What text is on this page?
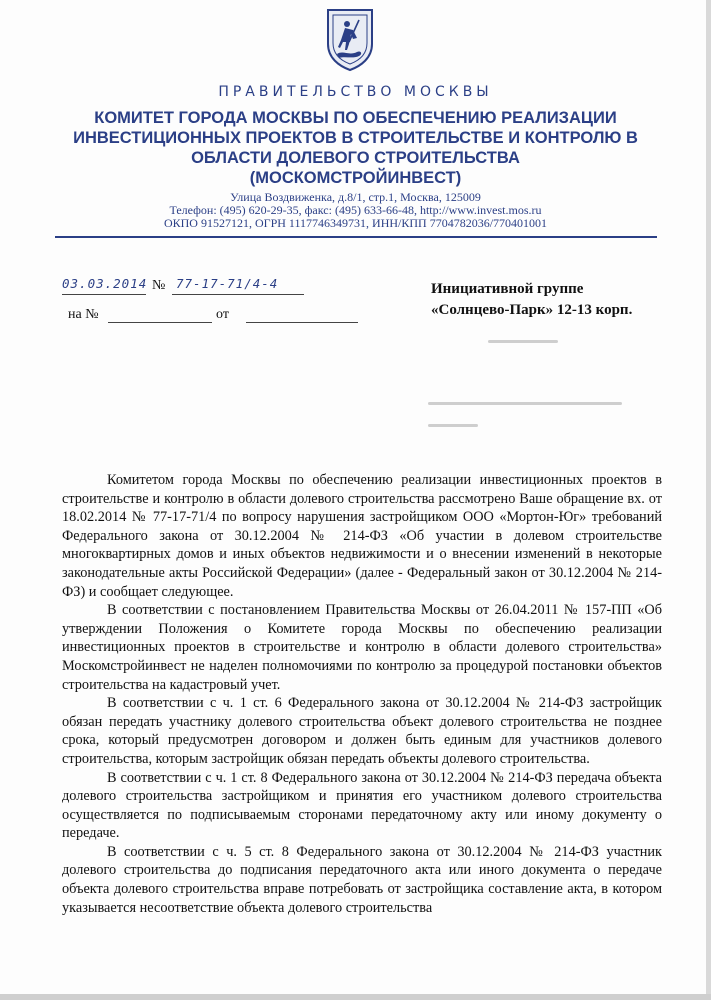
ПРАВИТЕЛЬСТВО МОСКВЫ
КОМИТЕТ ГОРОДА МОСКВЫ ПО ОБЕСПЕЧЕНИЮ РЕАЛИЗАЦИИ
ИНВЕСТИЦИОННЫХ ПРОЕКТОВ В СТРОИТЕЛЬСТВЕ И КОНТРОЛЮ В
ОБЛАСТИ ДОЛЕВОГО СТРОИТЕЛЬСТВА
(МОСКОМСТРОЙИНВЕСТ)
Улица Воздвиженка, д.8/1, стр.1, Москва, 125009
Телефон: (495) 620-29-35, факс: (495) 633-66-48, http://www.invest.mos.ru
ОКПО 91527121, ОГРН 1117746349731, ИНН/КПП 7704782036/770401001
03.03.2014 № 77-17-71/4-4
на №	от
Инициативной группе
«Солнцево-Парк» 12-13 корп.

Комитетом города Москвы по обеспечению реализации инвестиционных проектов в строительстве и контролю в области долевого строительства рассмотрено Ваше обращение вх. от 18.02.2014 № 77-17-71/4 по вопросу нарушения застройщиком ООО «Мортон-Юг» требований Федерального закона от 30.12.2004 № 214-ФЗ «Об участии в долевом строительстве многоквартирных домов и иных объектов недвижимости и о внесении изменений в некоторые законодательные акты Российской Федерации» (далее - Федеральный закон от 30.12.2004 № 214-ФЗ) и сообщает следующее.

В соответствии с постановлением Правительства Москвы от 26.04.2011 № 157-ПП «Об утверждении Положения о Комитете города Москвы по обеспечению реализации инвестиционных проектов в строительстве и контролю в области долевого строительства» Москомстройинвест не наделен полномочиями по контролю за процедурой постановки объектов строительства на кадастровый учет.

В соответствии с ч. 1 ст. 6 Федерального закона от 30.12.2004 № 214-ФЗ застройщик обязан передать участнику долевого строительства объект долевого строительства не позднее срока, который предусмотрен договором и должен быть единым для участников долевого строительства, которым застройщик обязан передать объекты долевого строительства.

В соответствии с ч. 1 ст. 8 Федерального закона от 30.12.2004 № 214-ФЗ передача объекта долевого строительства застройщиком и принятия его участником долевого строительства осуществляется по подписываемым сторонами передаточному акту или иному документу о передаче.

В соответствии с ч. 5 ст. 8 Федерального закона от 30.12.2004 № 214-ФЗ участник долевого строительства до подписания передаточного акта или иного документа о передаче объекта долевого строительства вправе потребовать от застройщика составление акта, в котором указывается несоответствие объекта долевого строительства
